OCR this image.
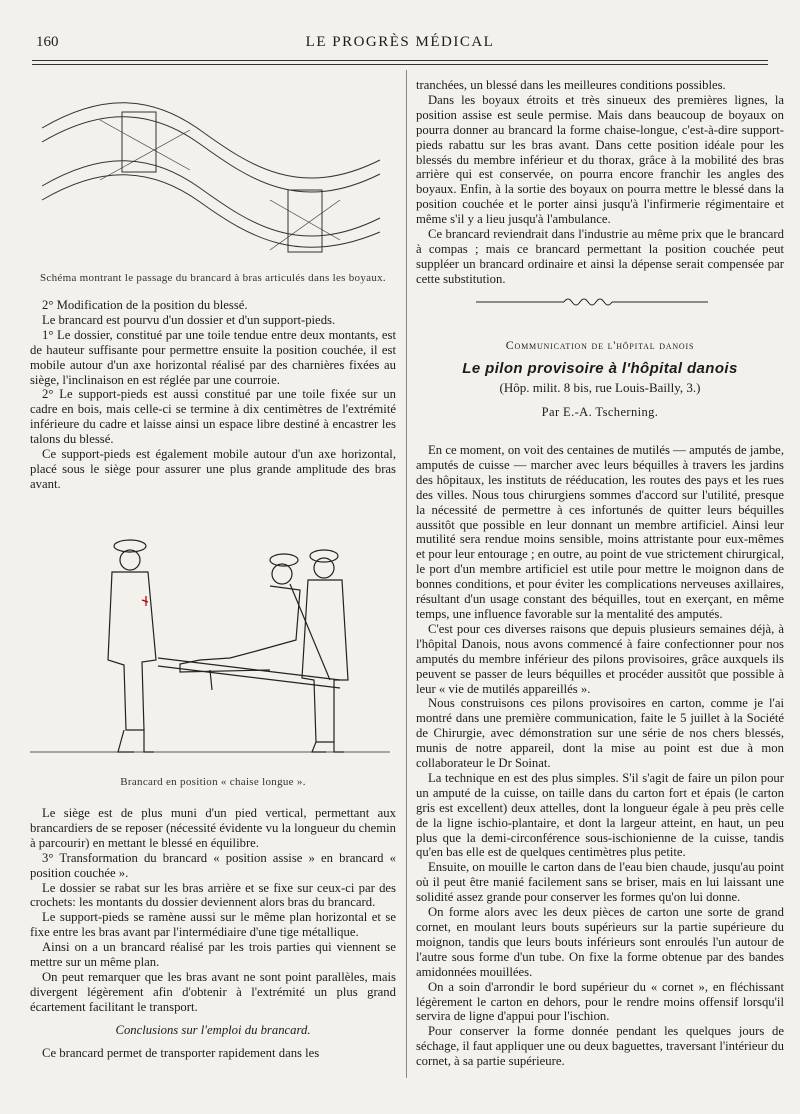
160	LE PROGRÈS MÉDICAL
Schéma montrant le passage du brancard à bras articulés dans les boyaux.

2° Modification de la position du blessé.

Le brancard est pourvu d'un dossier et d'un support-pieds.

1° Le dossier, constitué par une toile tendue entre deux montants, est de hauteur suffisante pour permettre ensuite la position couchée, il est mobile autour d'un axe horizontal réalisé par des charnières fixées au siège, l'inclinaison en est réglée par une courroie.

2° Le support-pieds est aussi constitué par une toile fixée sur un cadre en bois, mais celle-ci se termine à dix centimètres de l'extrémité inférieure du cadre et laisse ainsi un espace libre destiné à encastrer les talons du blessé.

Ce support-pieds est également mobile autour d'un axe horizontal, placé sous le siège pour assurer une plus grande amplitude des bras avant.

Brancard en position « chaise longue ».

Le siège est de plus muni d'un pied vertical, permettant aux brancardiers de se reposer (nécessité évidente vu la longueur du chemin à parcourir) en mettant le blessé en équilibre.

3° Transformation du brancard « position assise » en brancard « position couchée ».

Le dossier se rabat sur les bras arrière et se fixe sur ceux-ci par des crochets: les montants du dossier deviennent alors bras du brancard.

Le support-pieds se ramène aussi sur le même plan horizontal et se fixe entre les bras avant par l'intermédiaire d'une tige métallique.

Ainsi on a un brancard réalisé par les trois parties qui viennent se mettre sur un même plan.

On peut remarquer que les bras avant ne sont point parallèles, mais divergent légèrement afin d'obtenir à l'extrémité un plus grand écartement facilitant le transport.

Conclusions sur l'emploi du brancard.

Ce brancard permet de transporter rapidement dans les

tranchées, un blessé dans les meilleures conditions possibles.

Dans les boyaux étroits et très sinueux des premières lignes, la position assise est seule permise. Mais dans beaucoup de boyaux on pourra donner au brancard la forme chaise-longue, c'est-à-dire support-pieds rabattu sur les bras avant. Dans cette position idéale pour les blessés du membre inférieur et du thorax, grâce à la mobilité des bras arrière qui est conservée, on pourra encore franchir les angles des boyaux. Enfin, à la sortie des boyaux on pourra mettre le blessé dans la position couchée et le porter ainsi jusqu'à l'infirmerie régimentaire et même s'il y a lieu jusqu'à l'ambulance.

Ce brancard reviendrait dans l'industrie au même prix que le brancard à compas ; mais ce brancard permettant la position couchée peut suppléer un brancard ordinaire et ainsi la dépense serait compensée par cette substitution.

Communication de l'hôpital danois
Le pilon provisoire à l'hôpital danois
(Hôp. milit. 8 bis, rue Louis-Bailly, 3.)
Par E.-A. Tscherning.

En ce moment, on voit des centaines de mutilés — amputés de jambe, amputés de cuisse — marcher avec leurs béquilles à travers les jardins des hôpitaux, les instituts de rééducation, les routes des pays et les rues des villes. Nous tous chirurgiens sommes d'accord sur l'utilité, presque la nécessité de permettre à ces infortunés de quitter leurs béquilles aussitôt que possible en leur donnant un membre artificiel. Ainsi leur mutilité sera rendue moins sensible, moins attristante pour eux-mêmes et pour leur entourage ; en outre, au point de vue strictement chirurgical, le port d'un membre artificiel est utile pour mettre le moignon dans de bonnes conditions, et pour éviter les complications nerveuses axillaires, résultant d'un usage constant des béquilles, tout en exerçant, en même temps, une influence favorable sur la mentalité des amputés.

C'est pour ces diverses raisons que depuis plusieurs semaines déjà, à l'hôpital Danois, nous avons commencé à faire confectionner pour nos amputés du membre inférieur des pilons provisoires, grâce auxquels ils peuvent se passer de leurs béquilles et procéder aussitôt que possible à leur « vie de mutilés appareillés ».

Nous construisons ces pilons provisoires en carton, comme je l'ai montré dans une première communication, faite le 5 juillet à la Société de Chirurgie, avec démonstration sur une série de nos chers blessés, munis de notre appareil, dont la mise au point est due à mon collaborateur le Dr Soinat.

La technique en est des plus simples. S'il s'agit de faire un pilon pour un amputé de la cuisse, on taille dans du carton fort et épais (le carton gris est excellent) deux attelles, dont la longueur égale à peu près celle de la ligne ischio-plantaire, et dont la largeur atteint, en haut, un peu plus que la demi-circonférence sous-ischionienne de la cuisse, tandis qu'en bas elle est de quelques centimètres plus petite.

Ensuite, on mouille le carton dans de l'eau bien chaude, jusqu'au point où il peut être manié facilement sans se briser, mais en lui laissant une solidité assez grande pour conserver les formes qu'on lui donne.

On forme alors avec les deux pièces de carton une sorte de grand cornet, en moulant leurs bouts supérieurs sur la partie supérieure du moignon, tandis que leurs bouts inférieurs sont enroulés l'un autour de l'autre sous forme d'un tube. On fixe la forme obtenue par des bandes amidonnées mouillées.

On a soin d'arrondir le bord supérieur du « cornet », en fléchissant légèrement le carton en dehors, pour le rendre moins offensif lorsqu'il servira de ligne d'appui pour l'ischion.

Pour conserver la forme donnée pendant les quelques jours de séchage, il faut appliquer une ou deux baguettes, traversant l'intérieur du cornet, à sa partie supérieure.
